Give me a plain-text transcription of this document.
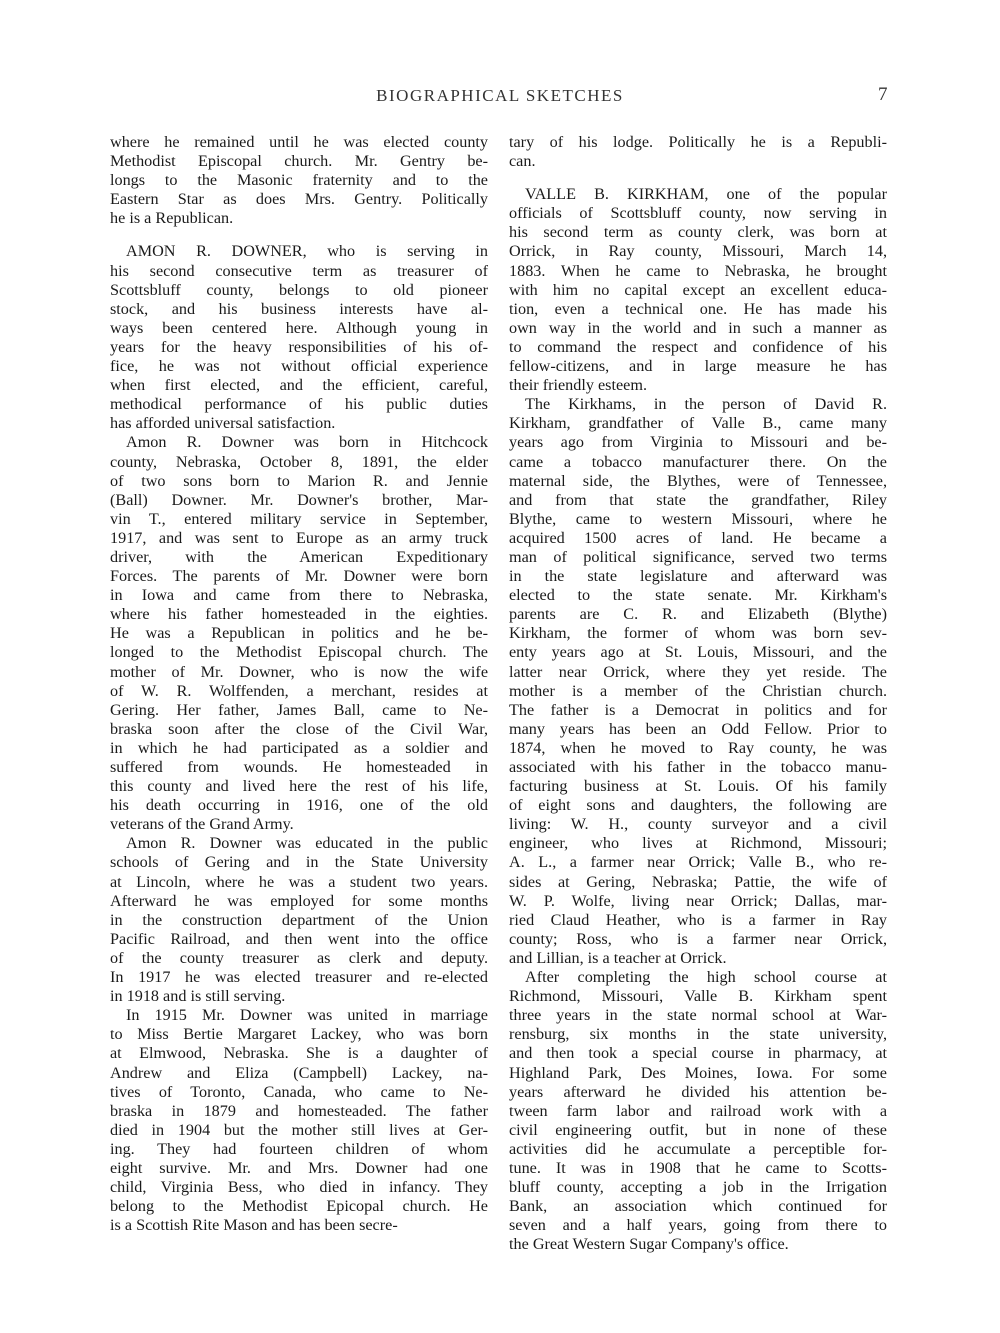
BIOGRAPHICAL SKETCHES	7
where he remained until he was elected county
Methodist Episcopal church. Mr. Gentry be-
longs to the Masonic fraternity and to the
Eastern Star as does Mrs. Gentry. Politically
he is a Republican.
AMON R. DOWNER, who is serving in
his second consecutive term as treasurer of
Scottsbluff county, belongs to old pioneer
stock, and his business interests have al-
ways been centered here. Although young in
years for the heavy responsibilities of his of-
fice, he was not without official experience
when first elected, and the efficient, careful,
methodical performance of his public duties
has afforded universal satisfaction.
Amon R. Downer was born in Hitchcock
county, Nebraska, October 8, 1891, the elder
of two sons born to Marion R. and Jennie
(Ball) Downer. Mr. Downer's brother, Mar-
vin T., entered military service in September,
1917, and was sent to Europe as an army truck
driver, with the American Expeditionary
Forces. The parents of Mr. Downer were born
in Iowa and came from there to Nebraska,
where his father homesteaded in the eighties.
He was a Republican in politics and he be-
longed to the Methodist Episcopal church. The
mother of Mr. Downer, who is now the wife
of W. R. Wolffenden, a merchant, resides at
Gering. Her father, James Ball, came to Ne-
braska soon after the close of the Civil War,
in which he had participated as a soldier and
suffered from wounds. He homesteaded in
this county and lived here the rest of his life,
his death occurring in 1916, one of the old
veterans of the Grand Army.
Amon R. Downer was educated in the public
schools of Gering and in the State University
at Lincoln, where he was a student two years.
Afterward he was employed for some months
in the construction department of the Union
Pacific Railroad, and then went into the office
of the county treasurer as clerk and deputy.
In 1917 he was elected treasurer and re-elected
in 1918 and is still serving.
In 1915 Mr. Downer was united in marriage
to Miss Bertie Margaret Lackey, who was born
at Elmwood, Nebraska. She is a daughter of
Andrew and Eliza (Campbell) Lackey, na-
tives of Toronto, Canada, who came to Ne-
braska in 1879 and homesteaded. The father
died in 1904 but the mother still lives at Ger-
ing. They had fourteen children of whom
eight survive. Mr. and Mrs. Downer had one
child, Virginia Bess, who died in infancy. They
belong to the Methodist Epicopal church. He
is a Scottish Rite Mason and has been secre-
tary of his lodge. Politically he is a Republi-
can.
VALLE B. KIRKHAM, one of the popular
officials of Scottsbluff county, now serving in
his second term as county clerk, was born at
Orrick, in Ray county, Missouri, March 14,
1883. When he came to Nebraska, he brought
with him no capital except an excellent educa-
tion, even a technical one. He has made his
own way in the world and in such a manner as
to command the respect and confidence of his
fellow-citizens, and in large measure he has
their friendly esteem.
The Kirkhams, in the person of David R.
Kirkham, grandfather of Valle B., came many
years ago from Virginia to Missouri and be-
came a tobacco manufacturer there. On the
maternal side, the Blythes, were of Tennessee,
and from that state the grandfather, Riley
Blythe, came to western Missouri, where he
acquired 1500 acres of land. He became a
man of political significance, served two terms
in the state legislature and afterward was
elected to the state senate. Mr. Kirkham's
parents are C. R. and Elizabeth (Blythe)
Kirkham, the former of whom was born sev-
enty years ago at St. Louis, Missouri, and the
latter near Orrick, where they yet reside. The
mother is a member of the Christian church.
The father is a Democrat in politics and for
many years has been an Odd Fellow. Prior to
1874, when he moved to Ray county, he was
associated with his father in the tobacco manu-
facturing business at St. Louis. Of his family
of eight sons and daughters, the following are
living: W. H., county surveyor and a civil
engineer, who lives at Richmond, Missouri;
A. L., a farmer near Orrick; Valle B., who re-
sides at Gering, Nebraska; Pattie, the wife of
W. P. Wolfe, living near Orrick; Dallas, mar-
ried Claud Heather, who is a farmer in Ray
county; Ross, who is a farmer near Orrick,
and Lillian, is a teacher at Orrick.
After completing the high school course at
Richmond, Missouri, Valle B. Kirkham spent
three years in the state normal school at War-
rensburg, six months in the state university,
and then took a special course in pharmacy, at
Highland Park, Des Moines, Iowa. For some
years afterward he divided his attention be-
tween farm labor and railroad work with a
civil engineering outfit, but in none of these
activities did he accumulate a perceptible for-
tune. It was in 1908 that he came to Scotts-
bluff county, accepting a job in the Irrigation
Bank, an association which continued for
seven and a half years, going from there to
the Great Western Sugar Company's office.
